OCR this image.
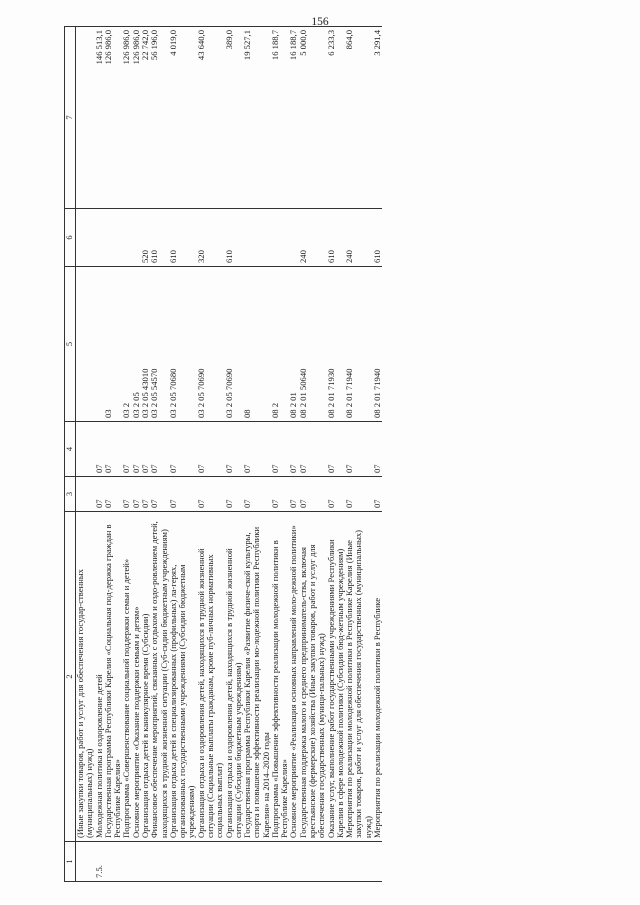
156
1	2	3	4	5	6	7
	(Иные закупки товаров, работ и услуг для обеспечения государ-ственных (муниципальных) нужд)					
7.5.	Молодежная политика и оздоровление детей	07	07			146 513,1
	Государственная программа Республики Карелия «Социальная под-держка граждан в Республике Карелия»	07	07	03		126 986,0
	Подпрограмма «Совершенствование социальной поддержки семьи и детей»	07	07	03 2		126 986,0
	Основное мероприятие «Оказание поддержки семьям и детям»	07	07	03 2 05		126 986,0
	Организация отдыха детей в каникулярное время (Субсидии)	07	07	03 2 05 43010	520	22 742,0
	Финансовое обеспечение мероприятий, связанных с отдыхом и оздо-ровлением детей, находящихся в трудной жизненной ситуации (Суб-сидии бюджетным учреждениям)	07	07	03 2 05 54570	610	56 196,0
	Организация отдыха детей в специализированных (профильных) ла-герях, организованных государственными учреждениями (Субсидии бюджетным учреждениям)	07	07	03 2 05 70680	610	4 019,0
	Организация отдыха и оздоровления детей, находящихся в трудной жизненной ситуации (Социальные выплаты гражданам, кроме пуб-личных нормативных социальных выплат)	07	07	03 2 05 70690	320	43 640,0
	Организация отдыха и оздоровления детей, находящихся в трудной жизненной ситуации (Субсидии бюджетным учреждениям)	07	07	03 2 05 70690	610	389,0
	Государственная программа Республики Карелия «Развитие физиче-ской культуры, спорта и повышение эффективности реализации мо-лодежной политики Республики Карелия» на 2014–2020 годы	07	07	08		19 527,1
	Подпрограмма «Повышение эффективности реализации молодежной политики в Республике Карелия»	07	07	08 2		16 188,7
	Основное мероприятие «Реализация основных направлений моло-дежной политики»	07	07	08 2 01		16 188,7
	Государственная поддержка малого и среднего предприниматель-ства, включая крестьянские (фермерские) хозяйства (Иные закупки товаров, работ и услуг для обеспечения государственных (муници-пальных) нужд)	07	07	08 2 01 50640	240	5 000,0
	Оказание услуг, выполнение работ государственными учреждениями Республики Карелия в сфере молодежной политики (Субсидии бюд-жетным учреждениям)	07	07	08 2 01 71930	610	6 233,3
	Мероприятия по реализации молодежной политики в Республике Карелия (Иные закупки товаров, работ и услуг для обеспечения государственных (муниципальных) нужд)	07	07	08 2 01 71940	240	864,0
	Мероприятия по реализации молодежной политики в Республике	07	07	08 2 01 71940	610	3 291,4
